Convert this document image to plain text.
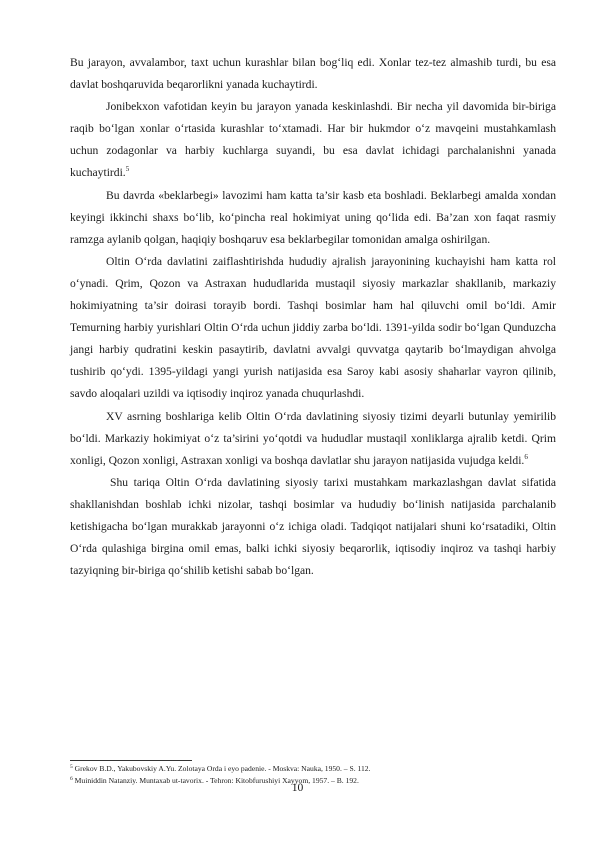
Bu jarayon, avvalambor, taxt uchun kurashlar bilan bog‘liq edi. Xonlar tez-tez almashib turdi, bu esa davlat boshqaruvida beqarorlikni yanada kuchaytirdi.

Jonibekxon vafotidan keyin bu jarayon yanada keskinlashdi. Bir necha yil davomida bir-biriga raqib bo‘lgan xonlar o‘rtasida kurashlar to‘xtamadi. Har bir hukmdor o‘z mavqeini mustahkamlash uchun zodagonlar va harbiy kuchlarga suyandi, bu esa davlat ichidagi parchalanishni yanada kuchaytirdi.$^5$

Bu davrda «beklarbegi» lavozimi ham katta ta’sir kasb eta boshladi. Beklarbegi amalda xondan keyingi ikkinchi shaxs bo‘lib, ko‘pincha real hokimiyat uning qo‘lida edi. Ba’zan xon faqat rasmiy ramzga aylanib qolgan, haqiqiy boshqaruv esa beklarbegilar tomonidan amalga oshirilgan.

Oltin O‘rda davlatini zaiflashtirishda hududiy ajralish jarayonining kuchayishi ham katta rol o‘ynadi. Qrim, Qozon va Astraxan hududlarida mustaqil siyosiy markazlar shakllanib, markaziy hokimiyatning ta’sir doirasi torayib bordi. Tashqi bosimlar ham hal qiluvchi omil bo‘ldi. Amir Temurning harbiy yurishlari Oltin O‘rda uchun jiddiy zarba bo‘ldi. 1391-yilda sodir bo‘lgan Qunduzcha jangi harbiy qudratini keskin pasaytirib, davlatni avvalgi quvvatga qaytarib bo‘lmaydigan ahvolga tushirib qo‘ydi. 1395-yildagi yangi yurish natijasida esa Saroy kabi asosiy shaharlar vayron qilinib, savdo aloqalari uzildi va iqtisodiy inqiroz yanada chuqurlashdi.

XV asrning boshlariga kelib Oltin O‘rda davlatining siyosiy tizimi deyarli butunlay yemirilib bo‘ldi. Markaziy hokimiyat o‘z ta’sirini yo‘qotdi va hududlar mustaqil xonliklarga ajralib ketdi. Qrim xonligi, Qozon xonligi, Astraxan xonligi va boshqa davlatlar shu jarayon natijasida vujudga keldi.$^6$

Shu tariqa Oltin O‘rda davlatining siyosiy tarixi mustahkam markazlashgan davlat sifatida shakllanishdan boshlab ichki nizolar, tashqi bosimlar va hududiy bo‘linish natijasida parchalanib ketishigacha bo‘lgan murakkab jarayonni o‘z ichiga oladi. Tadqiqot natijalari shuni ko‘rsatadiki, Oltin O‘rda qulashiga birgina omil emas, balki ichki siyosiy beqarorlik, iqtisodiy inqiroz va tashqi harbiy tazyiqning bir-biriga qo‘shilib ketishi sabab bo‘lgan.

$^5$ Grekov B.D., Yakubovskiy A.Yu. Zolotaya Orda i eyo padenie. - Moskva: Nauka, 1950. – S. 112.

$^6$ Muiniddin Natanziy. Muntaxab ut-tavorix. - Tehron: Kitobfurushiyi Xayyom, 1957. – B. 192.

10
